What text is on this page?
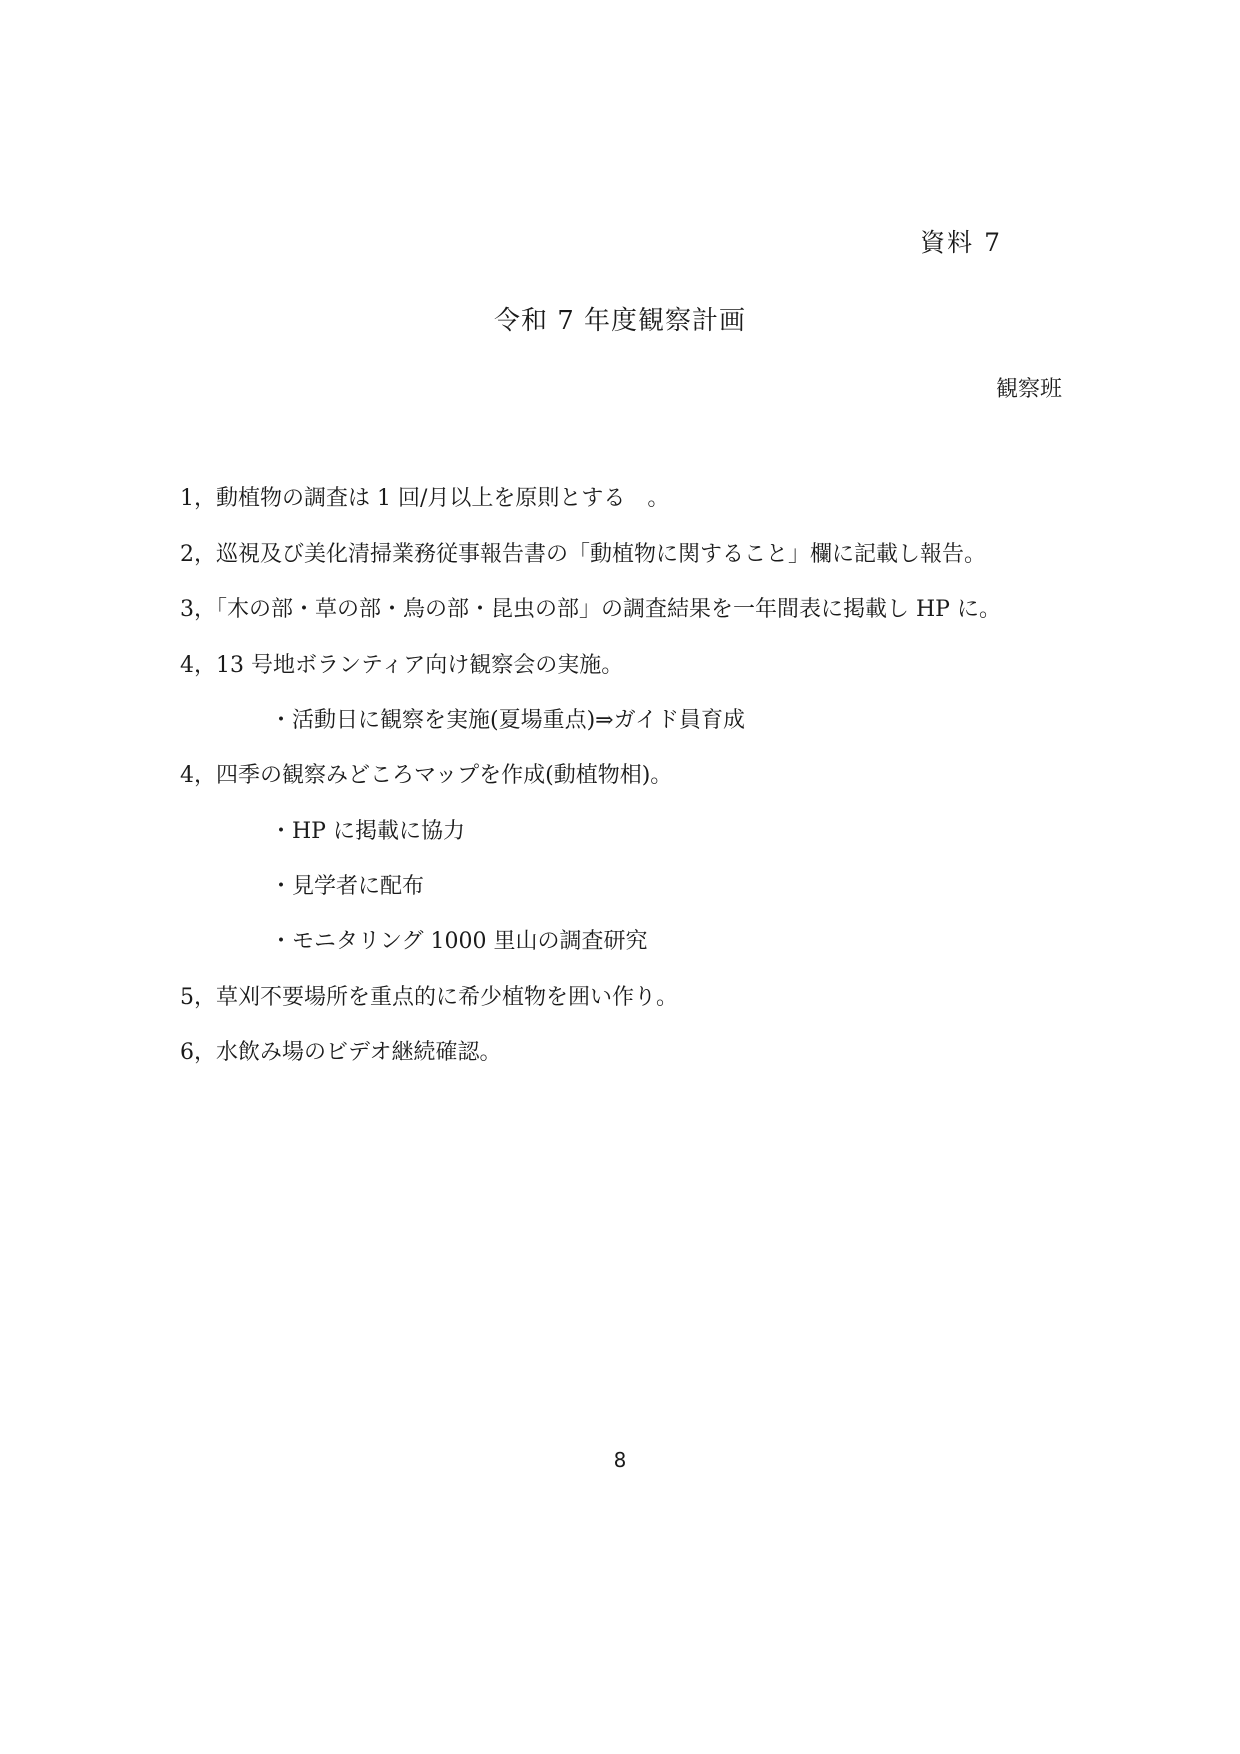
資料 7
令和 7 年度観察計画
観察班
1，動植物の調査は 1 回/月以上を原則とする　。
2，巡視及び美化清掃業務従事報告書の「動植物に関すること」欄に記載し報告。
3，「木の部・草の部・鳥の部・昆虫の部」の調査結果を一年間表に掲載し HP に。
4，13 号地ボランティア向け観察会の実施。
・活動日に観察を実施(夏場重点)⇒ガイド員育成
4，四季の観察みどころマップを作成(動植物相)。
・HP に掲載に協力
・見学者に配布
・モニタリング 1000 里山の調査研究
5，草刈不要場所を重点的に希少植物を囲い作り。
6，水飲み場のビデオ継続確認。
8
